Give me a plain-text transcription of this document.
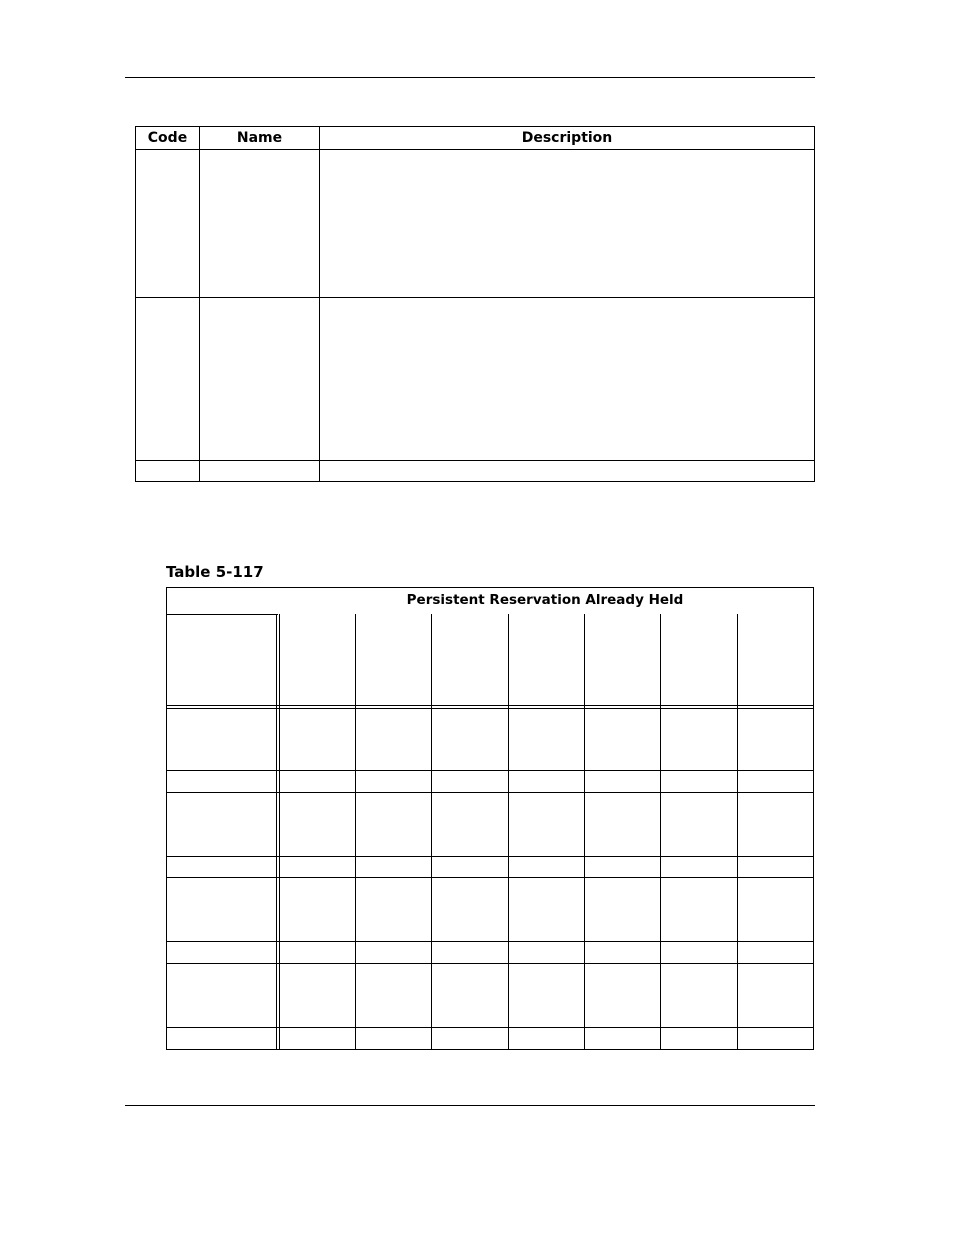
Code	Name	Description

Table 5-117
Persistent Reservation Already Held
